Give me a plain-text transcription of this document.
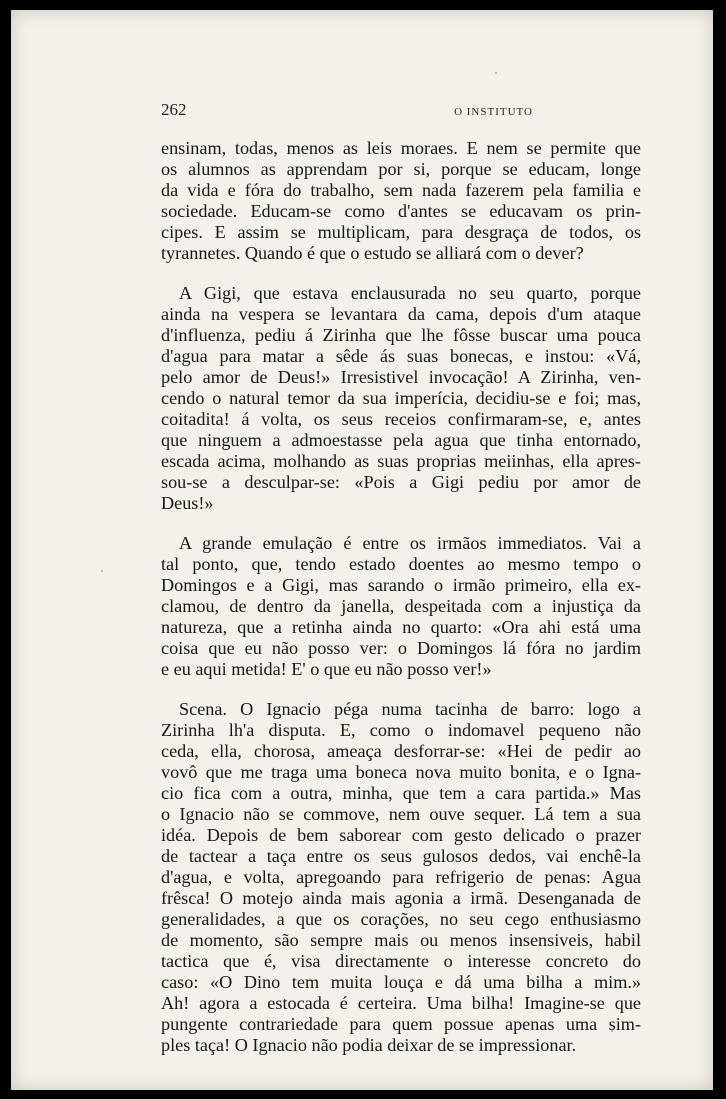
262	O INSTITUTO
ensinam, todas, menos as leis moraes. E nem se permite que
os alumnos as apprendam por si, porque se educam, longe
da vida e fóra do trabalho, sem nada fazerem pela familia e
sociedade. Educam-se como d'antes se educavam os prin-
cipes. E assim se multiplicam, para desgraça de todos, os
tyrannetes. Quando é que o estudo se alliará com o dever?
A Gigi, que estava enclausurada no seu quarto, porque
ainda na vespera se levantara da cama, depois d'um ataque
d'influenza, pediu á Zirinha que lhe fôsse buscar uma pouca
d'agua para matar a sêde ás suas bonecas, e instou: «Vá,
pelo amor de Deus!» Irresistivel invocação! A Zirinha, ven-
cendo o natural temor da sua imperícia, decidiu-se e foi; mas,
coitadita! á volta, os seus receios confirmaram-se, e, antes
que ninguem a admoestasse pela agua que tinha entornado,
escada acima, molhando as suas proprias meiinhas, ella apres-
sou-se a desculpar-se: «Pois a Gigi pediu por amor de
Deus!»
A grande emulação é entre os irmãos immediatos. Vai a
tal ponto, que, tendo estado doentes ao mesmo tempo o
Domingos e a Gigi, mas sarando o irmão primeiro, ella ex-
clamou, de dentro da janella, despeitada com a injustiça da
natureza, que a retinha ainda no quarto: «Ora ahi está uma
coisa que eu não posso ver: o Domingos lá fóra no jardim
e eu aqui metida! E' o que eu não posso ver!»
Scena. O Ignacio péga numa tacinha de barro: logo a
Zirinha lh'a disputa. E, como o indomavel pequeno não
ceda, ella, chorosa, ameaça desforrar-se: «Hei de pedir ao
vovô que me traga uma boneca nova muito bonita, e o Igna-
cio fica com a outra, minha, que tem a cara partida.» Mas
o Ignacio não se commove, nem ouve sequer. Lá tem a sua
idéa. Depois de bem saborear com gesto delicado o prazer
de tactear a taça entre os seus gulosos dedos, vai enchê-la
d'agua, e volta, apregoando para refrigerio de penas: Agua
frêsca! O motejo ainda mais agonia a irmã. Desenganada de
generalidades, a que os corações, no seu cego enthusiasmo
de momento, são sempre mais ou menos insensiveis, habil
tactica que é, visa directamente o interesse concreto do
caso: «O Dino tem muita louça e dá uma bilha a mim.»
Ah! agora a estocada é certeira. Uma bilha! Imagine-se que
pungente contrariedade para quem possue apenas uma sim-
ples taça! O Ignacio não podia deixar de se impressionar.
